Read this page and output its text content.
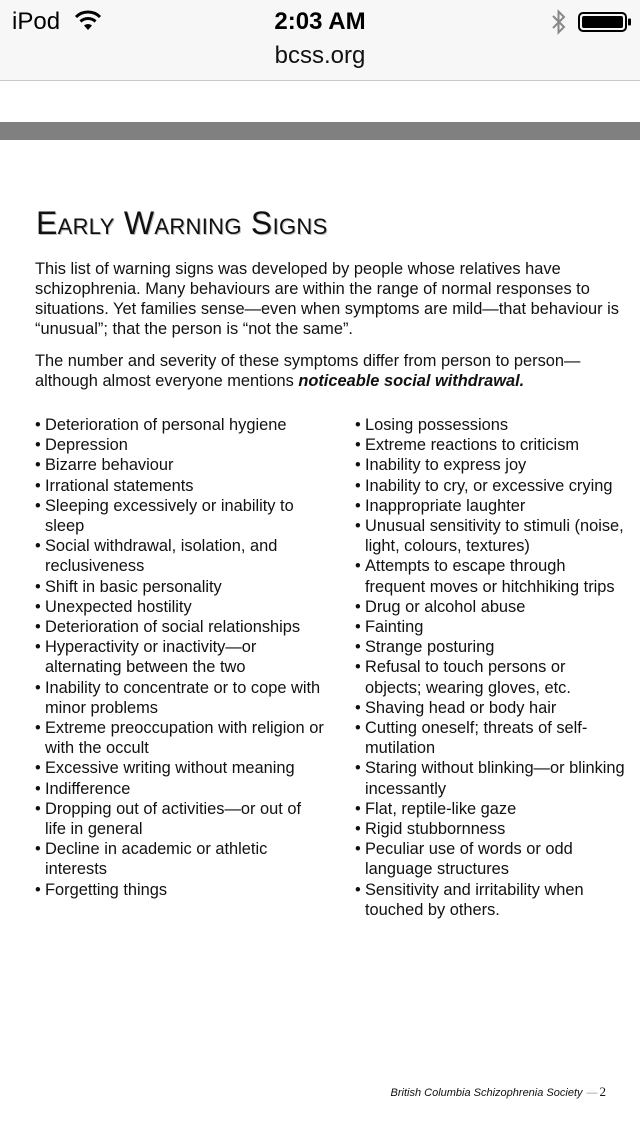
iPod	2:03 AM
bcss.org
Early Warning Signs

This list of warning signs was developed by people whose relatives have schizophrenia. Many behaviours are within the range of normal responses to situations. Yet families sense—even when symptoms are mild—that behaviour is “unusual”; that the person is “not the same”.

The number and severity of these symptoms differ from person to person—although almost everyone mentions noticeable social withdrawal.

• Deterioration of personal hygiene
• Depression
• Bizarre behaviour
• Irrational statements
• Sleeping excessively or inability to sleep
• Social withdrawal, isolation, and reclusiveness
• Shift in basic personality
• Unexpected hostility
• Deterioration of social relationships
• Hyperactivity or inactivity—or alternating between the two
• Inability to concentrate or to cope with minor problems
• Extreme preoccupation with religion or with the occult
• Excessive writing without meaning
• Indifference
• Dropping out of activities—or out of life in general
• Decline in academic or athletic interests
• Forgetting things
• Losing possessions
• Extreme reactions to criticism
• Inability to express joy
• Inability to cry, or excessive crying
• Inappropriate laughter
• Unusual sensitivity to stimuli (noise, light, colours, textures)
• Attempts to escape through frequent moves or hitchhiking trips
• Drug or alcohol abuse
• Fainting
• Strange posturing
• Refusal to touch persons or objects; wearing gloves, etc.
• Shaving head or body hair
• Cutting oneself; threats of self-mutilation
• Staring without blinking—or blinking incessantly
• Flat, reptile-like gaze
• Rigid stubbornness
• Peculiar use of words or odd language structures
• Sensitivity and irritability when touched by others.
British Columbia Schizophrenia Society — 2
